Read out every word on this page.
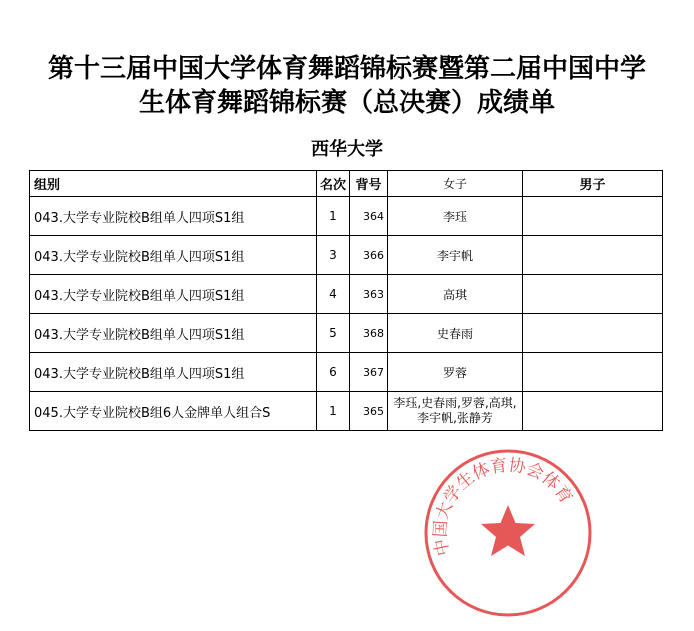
第十三届中国大学体育舞蹈锦标赛暨第二届中国中学
生体育舞蹈锦标赛（总决赛）成绩单
西华大学
组别	名次	背号	女子	男子
043.大学专业院校B组单人四项S1组	1	364	李珏	
043.大学专业院校B组单人四项S1组	3	366	李宇帆	
043.大学专业院校B组单人四项S1组	4	363	高琪	
043.大学专业院校B组单人四项S1组	5	368	史春雨	
043.大学专业院校B组单人四项S1组	6	367	罗蓉	
045.大学专业院校B组6人金牌单人组合S	1	365	李珏,史春雨,罗蓉,高琪,李宇帆,张静芳	
中国大学生体育协会体育舞蹈分会
